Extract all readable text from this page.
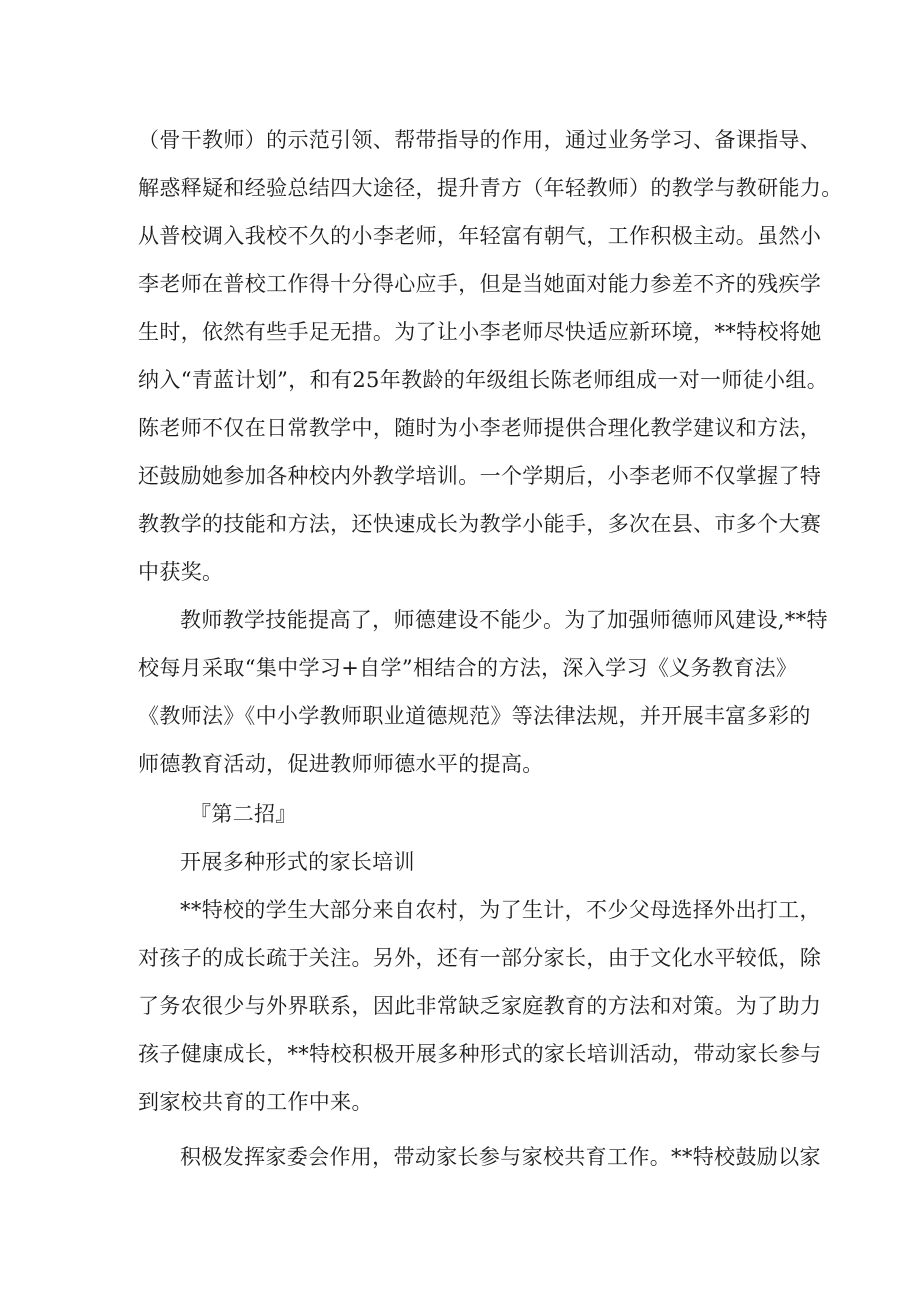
（骨干教师）的示范引领、帮带指导的作用，通过业务学习、备课指导、
解惑释疑和经验总结四大途径，提升青方（年轻教师）的教学与教研能力。
从普校调入我校不久的小李老师，年轻富有朝气，工作积极主动。虽然小
李老师在普校工作得十分得心应手，但是当她面对能力参差不齐的残疾学
生时，依然有些手足无措。为了让小李老师尽快适应新环境，**特校将她
纳入“青蓝计划”，和有25年教龄的年级组长陈老师组成一对一师徒小组。
陈老师不仅在日常教学中，随时为小李老师提供合理化教学建议和方法，
还鼓励她参加各种校内外教学培训。一个学期后，小李老师不仅掌握了特
教教学的技能和方法，还快速成长为教学小能手，多次在县、市多个大赛
中获奖。
教师教学技能提高了，师德建设不能少。为了加强师德师风建设,**特
校每月采取“集中学习+自学”相结合的方法，深入学习《义务教育法》
《教师法》《中小学教师职业道德规范》等法律法规，并开展丰富多彩的
师德教育活动，促进教师师德水平的提高。
『第二招』
开展多种形式的家长培训
**特校的学生大部分来自农村，为了生计，不少父母选择外出打工，
对孩子的成长疏于关注。另外，还有一部分家长，由于文化水平较低，除
了务农很少与外界联系，因此非常缺乏家庭教育的方法和对策。为了助力
孩子健康成长，**特校积极开展多种形式的家长培训活动，带动家长参与
到家校共育的工作中来。
积极发挥家委会作用，带动家长参与家校共育工作。**特校鼓励以家
